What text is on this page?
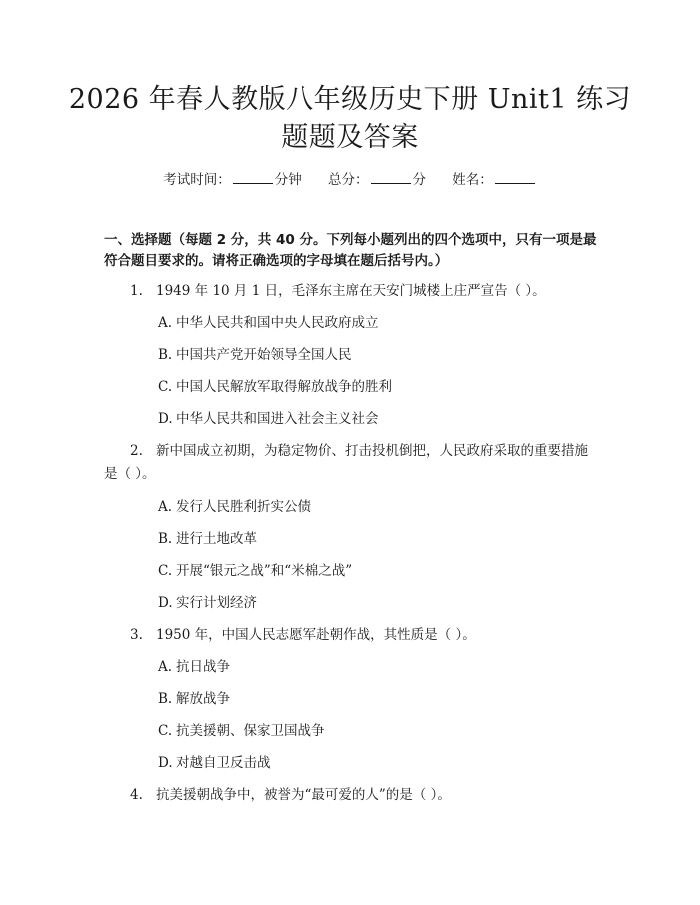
2026 年春人教版八年级历史下册 Unit1 练习
题题及答案
考试时间：	分钟 总分：	分 姓名：
一、选择题（每题 2 分，共 40 分。下列每小题列出的四个选项中，只有一项是最符合题目要求的。请将正确选项的字母填在题后括号内。）
1. 1949 年 10 月 1 日，毛泽东主席在天安门城楼上庄严宣告（ ）。
A. 中华人民共和国中央人民政府成立
B. 中国共产党开始领导全国人民
C. 中国人民解放军取得解放战争的胜利
D. 中华人民共和国进入社会主义社会
2. 新中国成立初期，为稳定物价、打击投机倒把，人民政府采取的重要措施
是（ ）。
A. 发行人民胜利折实公债
B. 进行土地改革
C. 开展“银元之战”和“米棉之战”
D. 实行计划经济
3. 1950 年，中国人民志愿军赴朝作战，其性质是（ ）。
A. 抗日战争
B. 解放战争
C. 抗美援朝、保家卫国战争
D. 对越自卫反击战
4. 抗美援朝战争中，被誉为“最可爱的人”的是（ ）。
